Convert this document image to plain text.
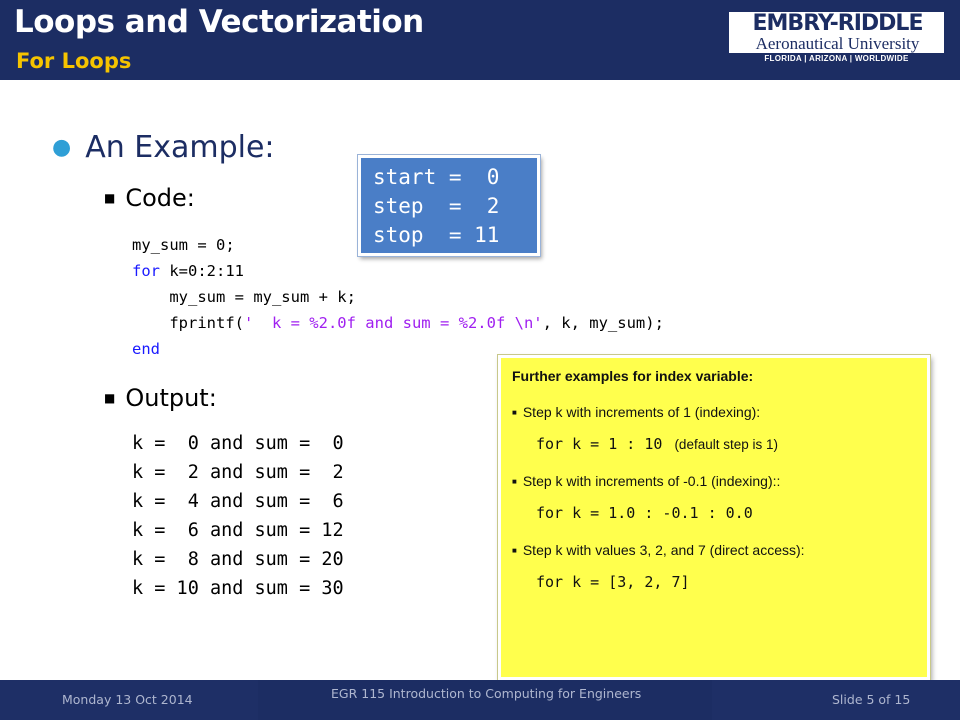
Loops and Vectorization
For Loops
EMBRY-RIDDLE
Aeronautical University
FLORIDA | ARIZONA | WORLDWIDE
● An Example:
■ Code:
my_sum = 0;
for k=0:2:11
my_sum = my_sum + k;
fprintf('  k = %2.0f and sum = %2.0f \n', k, my_sum);
end
■ Output:
k =  0 and sum =  0
k =  2 and sum =  2
k =  4 and sum =  6
k =  6 and sum = 12
k =  8 and sum = 20
k = 10 and sum = 30
start =  0
step  =  2
stop  = 11
Further examples for index variable:
■ Step k with increments of 1 (indexing):
for k = 1 : 10 (default step is 1)
■ Step k with increments of -0.1 (indexing)::
for k = 1.0 : -0.1 : 0.0
■ Step k with values 3, 2, and 7 (direct access):
for k = [3, 2, 7]
Monday 13 Oct 2014	EGR 115 Introduction to Computing for Engineers	Slide 5 of 15
